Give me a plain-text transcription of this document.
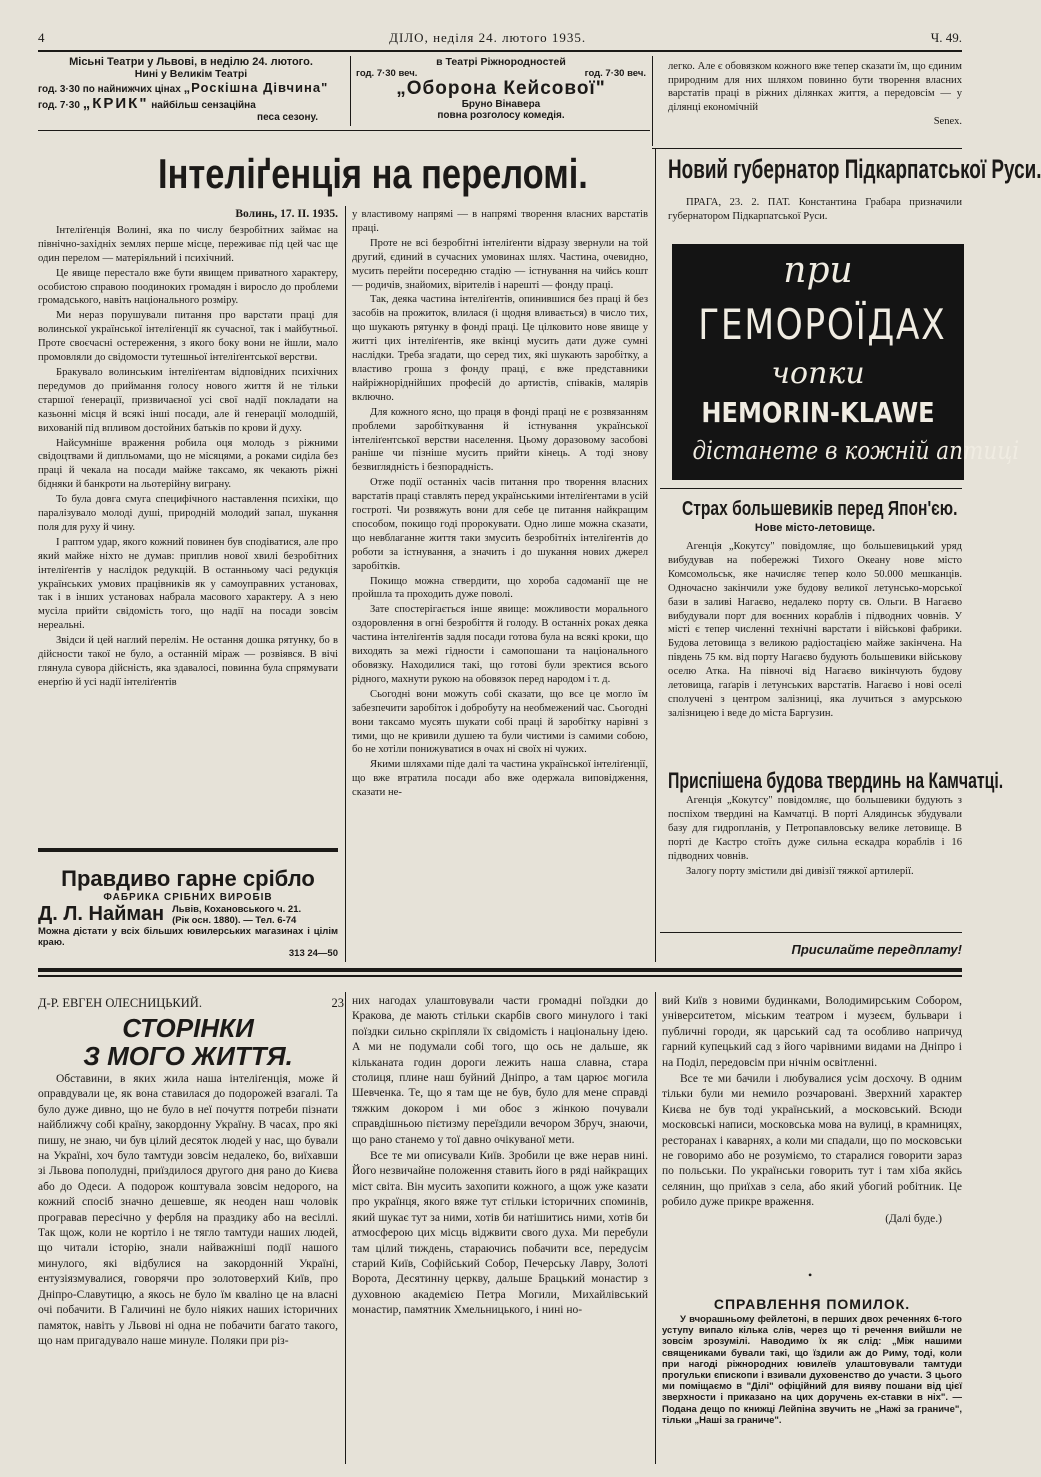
4	ДІЛО, неділя 24. лютого 1935.	Ч. 49.
Місьні Театри у Львові, в неділю 24. лютого.
Нині у Великім Театрі
год. 3·30 по найнижчих цінах „Роскішна Дівчина"
год. 7·30 „КРИК" найбільш сензаційна
песа сезону.
в Театрі Ріжнородностей
год. 7·30 веч.	год. 7·30 веч.
„Оборона Кейсової"
Бруно Вінавера
повна розголосу комедія.

легко. Але є обовязком кожного вже тепер сказати їм, що єдиним природним для них шляхом повинно бути творення власних варстатів праці в ріжних ділянках життя, а передовсім — у ділянці економічній

Senex.
Інтеліґенція на переломі.
Волинь, 17. ІІ. 1935.

Інтеліґенція Волині, яка по числу безробітних займає на північно-західніх землях перше місце, переживає під цей час ще один перелом — матеріяльний і психічний.

Це явище перестало вже бути явищем приватного характеру, особистою справою поодиноких громадян і виросло до проблеми громадського, навіть національного розміру.

Ми нераз порушували питання про варстати праці для волинської української інтеліґенції як сучасної, так і майбутньої. Проте своєчасні остереження, з якого боку вони не йшли, мало промовляли до свідомости тутешньої інтеліґентської верстви.

Бракувало волинським інтеліґентам відповідних психічних передумов до приймання голосу нового життя й не тільки старшої ґенерації, призвичаєної усі свої надії покладати на казьонні місця й всякі інші посади, але й генерації молодшій, вихованій під впливом достойних батьків по крови й духу.

Найсумніше враження робила оця молодь з ріжними свідоцтвами й дипльомами, що не місяцями, а роками сиділа без праці й чекала на посади майже такcамо, як чекають ріжні бідняки й банкроти на льотерійну виграну.

То була довга смуга специфічного наставлення психіки, що паралізувало молоді душі, природній молодий запал, шукання поля для руху й чину.

І раптом удар, якого кожний повинен був сподіватися, але про який майже ніхто не думав: приплив нової хвилі безробітних інтеліґентів у наслідок редукцій. В останньому часі редукція українських умових працівників як у самоуправних установах, так і в інших установах набрала масового характеру. А з нею мусіла прийти свідомість того, що надії на посади зовсім нереальні.

Звідси й цей наглий перелім. Не остання дошка рятунку, бо в дійсности такої не було, а останній міраж — розвіявся. В вічі глянула сувора дійсність, яка здавалосі, повинна була спрямувати енерґію й усі надії інтеліґентів

у властивому напрямі — в напрямі творення власних варстатів праці.

Проте не всі безробітні інтеліґенти відразу звернули на той другий, єдиний в сучасних умовинах шлях. Частина, очевидно, мусить перейти посередню стадію — істнування на чийсь кошт — родичів, знайомих, вірителів і нарешті — фонду праці.

Так, деяка частина інтеліґентів, опинившися без праці й без засобів на прожиток, влилася (і щодня вливається) в число тих, що шукають рятунку в фонді праці. Це цілковито нове явище у житті цих інтеліґентів, яке вкінці мусить дати дуже сумні наслідки. Треба згадати, що серед тих, які шукають заробітку, а властиво гроша з фонду праці, є вже представники найріжноріднійших професій до артистів, співаків, малярів включно.

Для кожного ясно, що праця в фонді праці не є розвязанням проблеми заробіткування й істнування української інтеліґентської верстви населення. Цьому доразовому засобові раніше чи пізніше мусить прийти кінець. А тоді знову безвиглядність і безпорадність.

Отже події останніх часів питання про творення власних варстатів праці ставлять перед українськими інтеліґентами в усій гостроті. Чи розвяжуть вони для себе це питання найкращим способом, покищо годі пророкувати. Одно лише можна сказати, що невблаганне життя таки змусить безробітніх інтеліґентів до роботи за істнування, а значить і до шукання нових джерел заробітків.

Покищо можна ствердити, що хороба садоманії ще не пройшла та проходить дуже поволі.

Зате спостерігається інше явище: можливости морального оздоровлення в огні безробіття й голоду. В останніх роках деяка частина інтеліґентів задля посади готова була на всякі кроки, що виходять за межі гідности і самопошани та національного обовязку. Находилися такі, що готові були зректися всього рідного, махнути рукою на обовязок перед народом і т. д.

Сьогодні вони можуть собі сказати, що все це могло їм забезпечити заробіток і добробуту на необмежений час. Сьогодні вони такcамо мусять шукати собі праці й заробітку нарівні з тими, що не кривили душею та були чистими із самими собою, бо не хотіли понижуватися в очах ні своїх ні чужих.

Якими шляхами піде далі та частина української інтеліґенції, що вже втратила посади або вже одержала виповідження, сказати не-

Правдиво гарне срібло
ФАБРИКА СРІБНИХ ВИРОБІВ
Д. Л. Найман Львів, Кохановського ч. 21.
(Рік осн. 1880). — Тел. 6-74
Можна дістати у всіх більших ювилерських магазинах і цілім краю.
313 24—50
Новий губернатор Підкарпатської Руси.

ПРАГА, 23. 2. ПАТ. Константина Грабара призначили губернатором Підкарпатської Руси.

при
ГЕМОРОЇДАХ
чопки
HEMORIN-KLAWE
дістанете в кожній аптиці
Страх большевиків перед Япон'єю.
Нове місто-летовище.

Агенція „Кокутсу" повідомляє, що большевицький уряд вибудував на побережжі Тихого Океану нове місто Комсомольськ, яке начисляє тепер коло 50.000 мешканців. Одночасно закінчили уже будову великої летунсько-морської бази в заливі Нагаєво, недалеко порту св. Ольги. В Нагаєво вибудували порт для воєнних кораблів і підводних човнів. У місті є тепер численні технічні варстати і військові фабрики. Будова летовища з великою радіостацією майже закінчена. На південь 75 км. від порту Нагаєво будують большевики військову оселю Атка. На півночі від Нагаєво викінчують будову летовища, гаґарів і летунських варстатів. Нагаєво і нові оселі сполучені з центром залізниці, яка лучиться з амурською залізницею і веде до міста Баргузин.

Приспішена будова твердинь на Камчатці.

Агенція „Кокутсу" повідомляє, що большевики будують з поспіхом твердині на Камчатці. В порті Алядинськ збудували базу для гидропланів, у Петропавловську велике летовище. В порті де Кастро стоїть дуже сильна ескадра кораблів і 16 підводних човнів.

Залогу порту змістили дві дивізії тяжкої артилерії.

Присилайте передплату!
Д-Р. ЕВГЕН ОЛЕСНИЦЬКИЙ.	23
СТОРІНКИ
З МОГО ЖИТТЯ.

Обставини, в яких жила наша інтеліґенція, може й оправдували це, як вона ставилася до подорожей взагалі. Та було дуже дивно, що не було в неї почуття потреби пізнати найближчу собі країну, закордонну Україну. В часах, про які пишу, не знаю, чи був цілий десяток людей у нас, що бували на Україні, хоч було тамтуди зовсім недалеко, бо, виїхавши зі Львова пополудні, приїздилося другого дня рано до Києва або до Одеси. А подорож коштувала зовсім недорого, на кожний спосіб значно дешевше, як неоден наш чоловік програвав пересічно у фербля на праздику або на весіллі. Так щож, коли не кортіло і не тягло тамтуди наших людей, що читали історію, знали найважніші події нашого минулого, які відбулися на закордонній Україні, ентузіязмувалися, говорячи про золотоверхий Київ, про Дніпро-Славутицю, а якось не було їм кваліно це на власні очі побачити. В Галичині не було ніяких наших історичних памяток, навіть у Львові ні одна не побачити багато такого, що нам пригадувало наше минуле. Поляки при різ-

них нагодах улаштовували части громадні поїздки до Кракова, де мають стільки скарбів свого минулого і такі поїздки сильно скріпляли їх свідомість і національну ідею. А ми не подумали собі того, що ось не дальше, як кільканата годин дороги лежить наша славна, стара столиця, плине наш буйний Дніпро, а там царює могила Шевченка. Те, що я там ще не був, було для мене справді тяжким докором і ми обоє з жінкою почували справдішньою пієтизму переїздили вечором Збруч, знаючи, що рано станемо у тої давно очікуваної мети.

Все те ми описували Київ. Зробили це вже нерав нині. Його незвичайне положення ставить його в ряді найкращих міст світа. Він мусить захопити кожного, а щож уже казати про українця, якого вяже тут стільки історичних споминів, який шукає тут за ними, хотів би натішитись ними, хотів би атмосферою цих місць віджвити свого духа. Ми перебули там цілий тиждень, стараючись побачити все, передусім старий Київ, Софійський Собор, Печерську Лавру, Золоті Ворота, Десятинну церкву, дальше Брацький монастир з духовною академією Петра Могили, Михайлівський монастир, памятник Хмельницького, і нині но-

вий Київ з новими будинками, Володимирським Собором, університетом, міським театром і музеєм, бульвари і публичні городи, як царський сад та особливо напричуд гарний купецький сад з його чарівними видами на Дніпро і на Поділ, передовсім при нічнім освітленні.

Все те ми бачили і любувалися усім досхочу. В одним тільки були ми немило розчаровані. Зверхний характер Києва не був тоді український, а московський. Всюди московські написи, московська мова на вулиці, в крамницях, ресторанах і каварнях, а коли ми спадали, що по московськи не говоримо або не розуміємо, то старалися говорити зараз по польськи. По українськи говорить тут і там хіба якйсь селянин, що приїхав з села, або який убогий робітник. Це робило дуже прикре враження.

(Далі буде.)
•
СПРАВЛЕННЯ ПОМИЛОК.

У вчорашньому фейлетоні, в перших двох реченнях 6-того уступу випало кілька слів, через що ті речення вийшли не зовсім зрозумілі. Наводимо їх як слід: „Між нашими священиками бували такі, що їздили аж до Риму, тоді, коли при нагоді ріжнородних ювилеїв улаштовували тамтуди прогульки єпископи і взивали духовенство до участи. З цього ми поміщаємо в "Ділі" офіційний для вияву пошани від цієї зверхности і приказано на цих доручень ех-ставки в ніх". — Подана дещо по книжці Лейпіна звучить не „Нажі за граничe", тільки „Наші за граничe".
